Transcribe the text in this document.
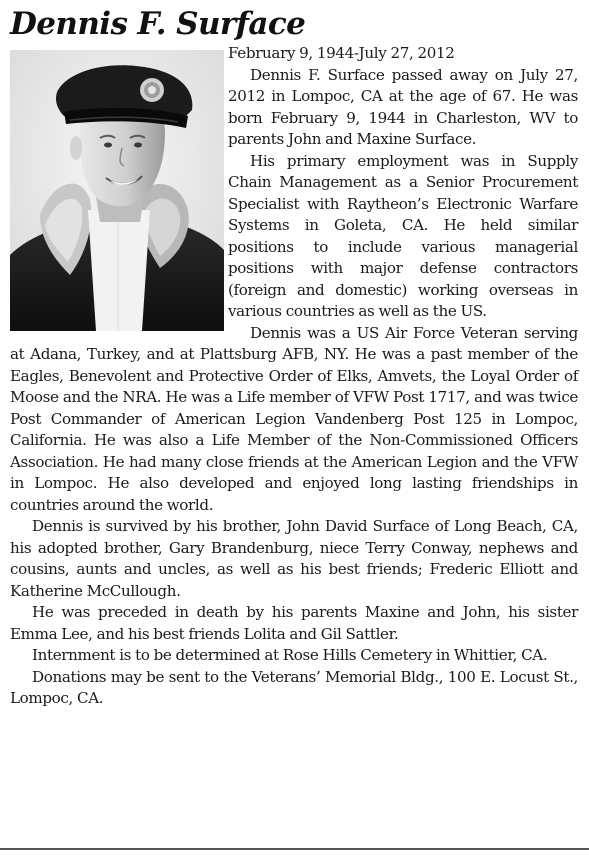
Dennis F. Surface

February 9, 1944-July 27, 2012

Dennis F. Surface passed away on July 27, 2012 in Lompoc, CA at the age of 67. He was born February 9, 1944 in Charleston, WV to parents John and Maxine Surface.

His primary employment was in Supply Chain Management as a Senior Procurement Specialist with Raytheon’s Electronic Warfare Systems in Goleta, CA. He held similar positions to include various managerial positions with major defense contractors (foreign and domestic) working overseas in various countries as well as the US.

Dennis was a US Air Force Veteran serving at Adana, Turkey, and at Plattsburg AFB, NY. He was a past member of the Eagles, Benevolent and Protective Order of Elks, Amvets, the Loyal Order of Moose and the NRA. He was a Life member of VFW Post 1717, and was twice Post Commander of American Legion Vandenberg Post 125 in Lompoc, California. He was also a Life Member of the Non-Commissioned Officers Association. He had many close friends at the American Legion and the VFW in Lompoc. He also developed and enjoyed long lasting friendships in countries around the world.

Dennis is survived by his brother, John David Surface of Long Beach, CA, his adopted brother, Gary Brandenburg, niece Terry Conway, nephews and cousins, aunts and uncles, as well as his best friends; Frederic Elliott and Katherine McCullough.

He was preceded in death by his parents Maxine and John, his sister Emma Lee, and his best friends Lolita and Gil Sattler.

Internment is to be determined at Rose Hills Cemetery in Whittier, CA.

Donations may be sent to the Veterans’ Memorial Bldg., 100 E. Locust St., Lompoc, CA.
